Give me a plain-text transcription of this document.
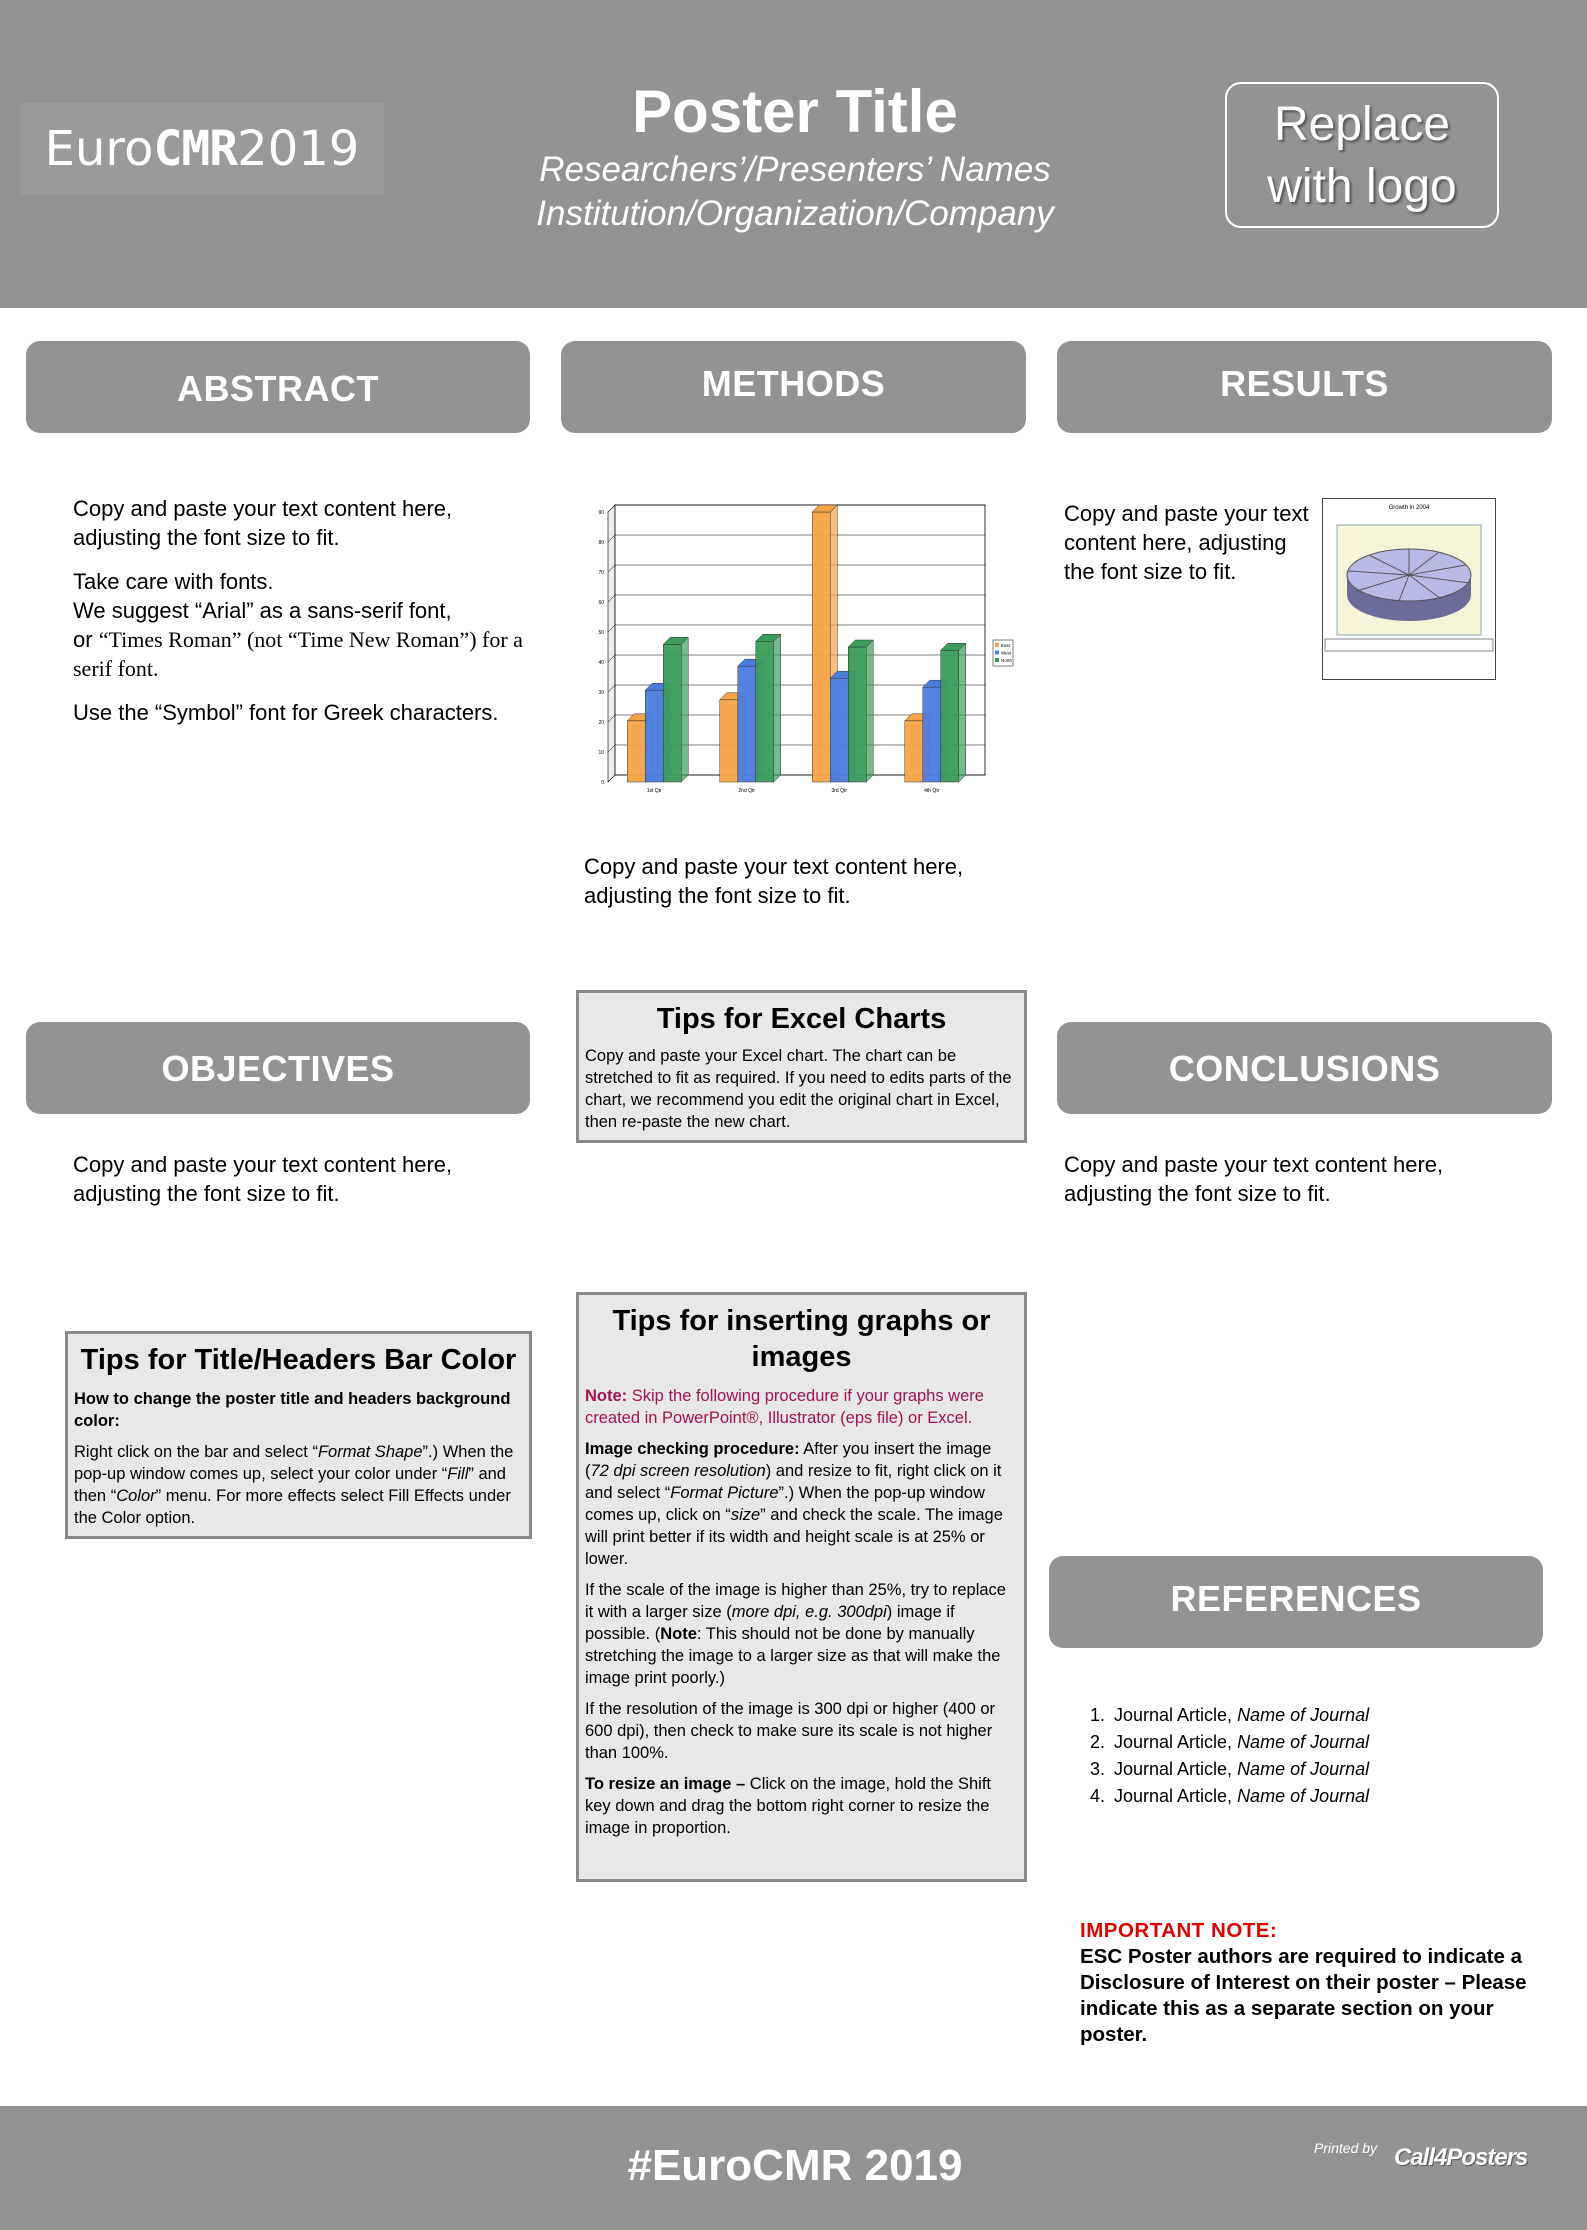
EuroCMR2019
Poster Title
Researchers’/Presenters’ Names
Institution/Organization/Company
Replace
with logo
ABSTRACT	METHODS	RESULTS
OBJECTIVES	CONCLUSIONS
REFERENCES

Copy and paste your text content here, adjusting the font size to fit.

Take care with fonts.
We suggest “Arial” as a sans-serif font,
or “Times Roman” (not “Time New Roman”) for a serif font.

Use the “Symbol” font for Greek characters.

0
10
20
30
40
50
60
70
80
90
1st Qtr	2nd Qtr	3rd Qtr	4th Qtr
East
West
North
Copy and paste your text content here, adjusting the font size to fit.
Copy and paste your text content here, adjusting the font size to fit.
Growth in 2004
Copy and paste your text content here, adjusting the font size to fit.
Copy and paste your text content here, adjusting the font size to fit.
Tips for Excel Charts

Copy and paste your Excel chart. The chart can be stretched to fit as required. If you need to edits parts of the chart, we recommend you edit the original chart in Excel, then re-paste the new chart.

Tips for Title/Headers Bar Color

How to change the poster title and headers background color:

Right click on the bar and select “Format Shape”.) When the pop-up window comes up, select your color under “Fill” and then “Color” menu. For more effects select Fill Effects under the Color option.

Tips for inserting graphs or images

Note: Skip the following procedure if your graphs were created in PowerPoint®, Illustrator (eps file) or Excel.

Image checking procedure: After you insert the image (72 dpi screen resolution) and resize to fit, right click on it and select “Format Picture”.) When the pop-up window comes up, click on “size” and check the scale. The image will print better if its width and height scale is at 25% or lower.

If the scale of the image is higher than 25%, try to replace it with a larger size (more dpi, e.g. 300dpi) image if possible. (Note: This should not be done by manually stretching the image to a larger size as that will make the image print poorly.)

If the resolution of the image is 300 dpi or higher (400 or 600 dpi), then check to make sure its scale is not higher than 100%.

To resize an image – Click on the image, hold the Shift key down and drag the bottom right corner to resize the image in proportion.

1. Journal Article, Name of Journal
2. Journal Article, Name of Journal
3. Journal Article, Name of Journal
4. Journal Article, Name of Journal
IMPORTANT NOTE:
ESC Poster authors are required to indicate a Disclosure of Interest on their poster – Please indicate this as a separate section on your poster.
#EuroCMR 2019	Printed by Call4Posters
